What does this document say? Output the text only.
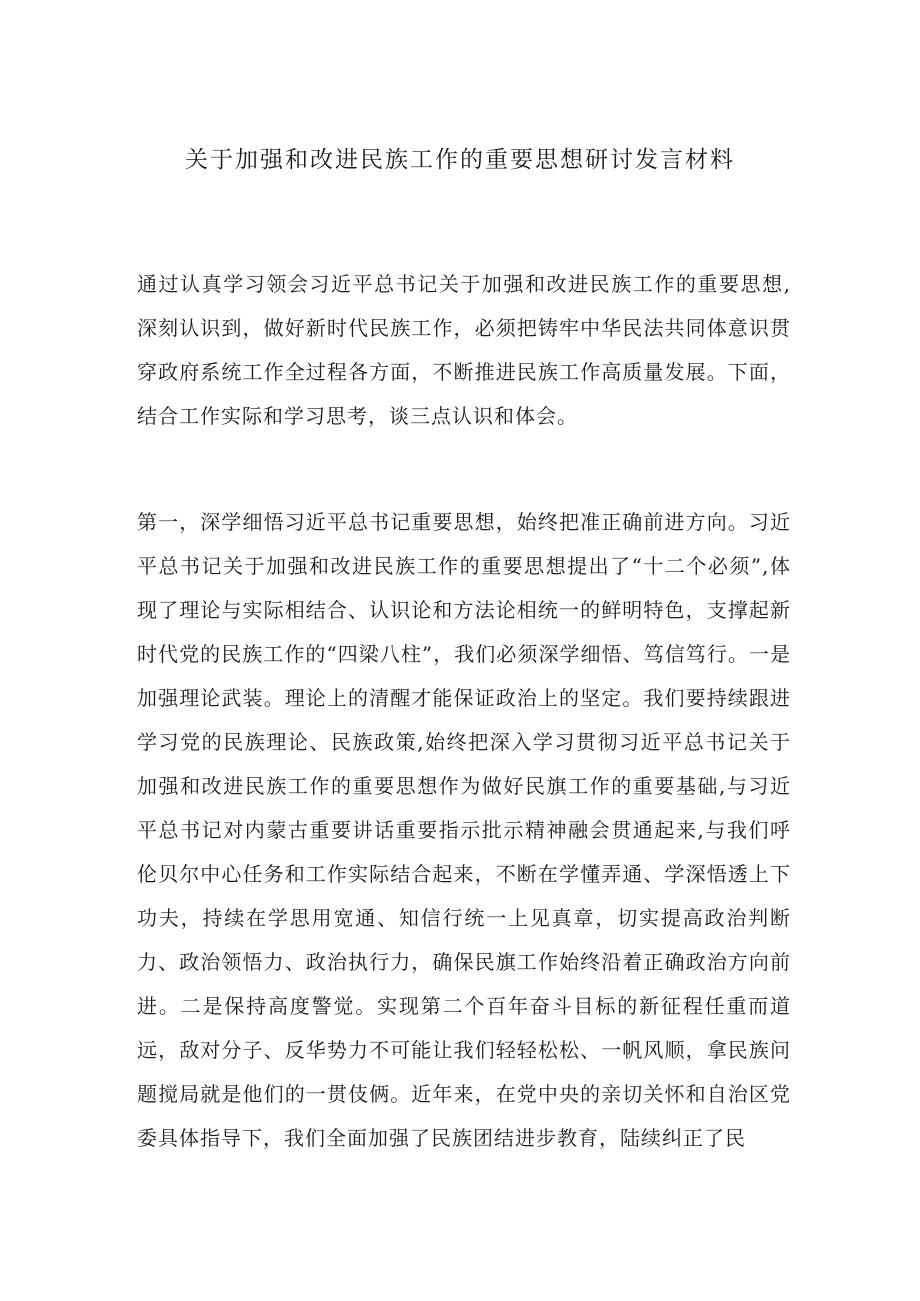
关于加强和改进民族工作的重要思想研讨发言材料

通过认真学习领会习近平总书记关于加强和改进民族工作的重要思想,深刻认识到，做好新时代民族工作，必须把铸牢中华民法共同体意识贯穿政府系统工作全过程各方面，不断推进民族工作高质量发展。下面，结合工作实际和学习思考，谈三点认识和体会。

第一，深学细悟习近平总书记重要思想，始终把准正确前进方向。习近平总书记关于加强和改进民族工作的重要思想提出了“十二个必须”,体现了理论与实际相结合、认识论和方法论相统一的鲜明特色，支撑起新时代党的民族工作的“四梁八柱”，我们必须深学细悟、笃信笃行。一是加强理论武装。理论上的清醒才能保证政治上的坚定。我们要持续跟进学习党的民族理论、民族政策,始终把深入学习贯彻习近平总书记关于加强和改进民族工作的重要思想作为做好民旗工作的重要基础,与习近平总书记对内蒙古重要讲话重要指示批示精神融会贯通起来,与我们呼伦贝尔中心任务和工作实际结合起来，不断在学懂弄通、学深悟透上下功夫，持续在学思用宽通、知信行统一上见真章，切实提高政治判断力、政治领悟力、政治执行力，确保民旗工作始终沿着正确政治方向前进。二是保持高度警觉。实现第二个百年奋斗目标的新征程任重而道远，敌对分子、反华势力不可能让我们轻轻松松、一帆风顺，拿民族问题搅局就是他们的一贯伎俩。近年来，在党中央的亲切关怀和自治区党委具体指导下，我们全面加强了民族团结进步教育，陆续纠正了民
